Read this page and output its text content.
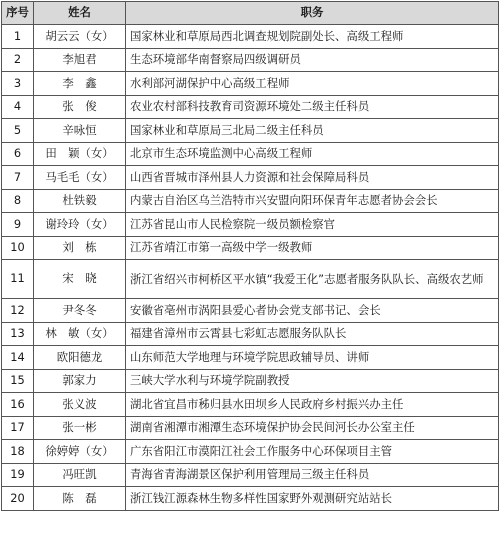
序号	姓名	职务
1	胡云云（女）	国家林业和草原局西北调查规划院副处长、高级工程师
2	李旭君	生态环境部华南督察局四级调研员
3	李　鑫	水利部河湖保护中心高级工程师
4	张　俊	农业农村部科技教育司资源环境处二级主任科员
5	辛咏恒	国家林业和草原局三北局二级主任科员
6	田　颖（女）	北京市生态环境监测中心高级工程师
7	马毛毛（女）	山西省晋城市泽州县人力资源和社会保障局科员
8	杜铁毅	内蒙古自治区乌兰浩特市兴安盟向阳环保青年志愿者协会会长
9	谢玲玲（女）	江苏省昆山市人民检察院一级员额检察官
10	刘　栋	江苏省靖江市第一高级中学一级教师
11	宋　晓	浙江省绍兴市柯桥区平水镇“我爱王化”志愿者服务队队长、高级农艺师
12	尹冬冬	安徽省亳州市涡阳县爱心者协会党支部书记、会长
13	林　敏（女）	福建省漳州市云霄县七彩虹志愿服务队队长
14	欧阳德龙	山东师范大学地理与环境学院思政辅导员、讲师
15	郭家力	三峡大学水利与环境学院副教授
16	张义波	湖北省宜昌市秭归县水田坝乡人民政府乡村振兴办主任
17	张一彬	湖南省湘潭市湘潭生态环境保护协会民间河长办公室主任
18	徐婷婷（女）	广东省阳江市漠阳江社会工作服务中心环保项目主管
19	冯旺凯	青海省青海湖景区保护利用管理局三级主任科员
20	陈　磊	浙江钱江源森林生物多样性国家野外观测研究站站长
